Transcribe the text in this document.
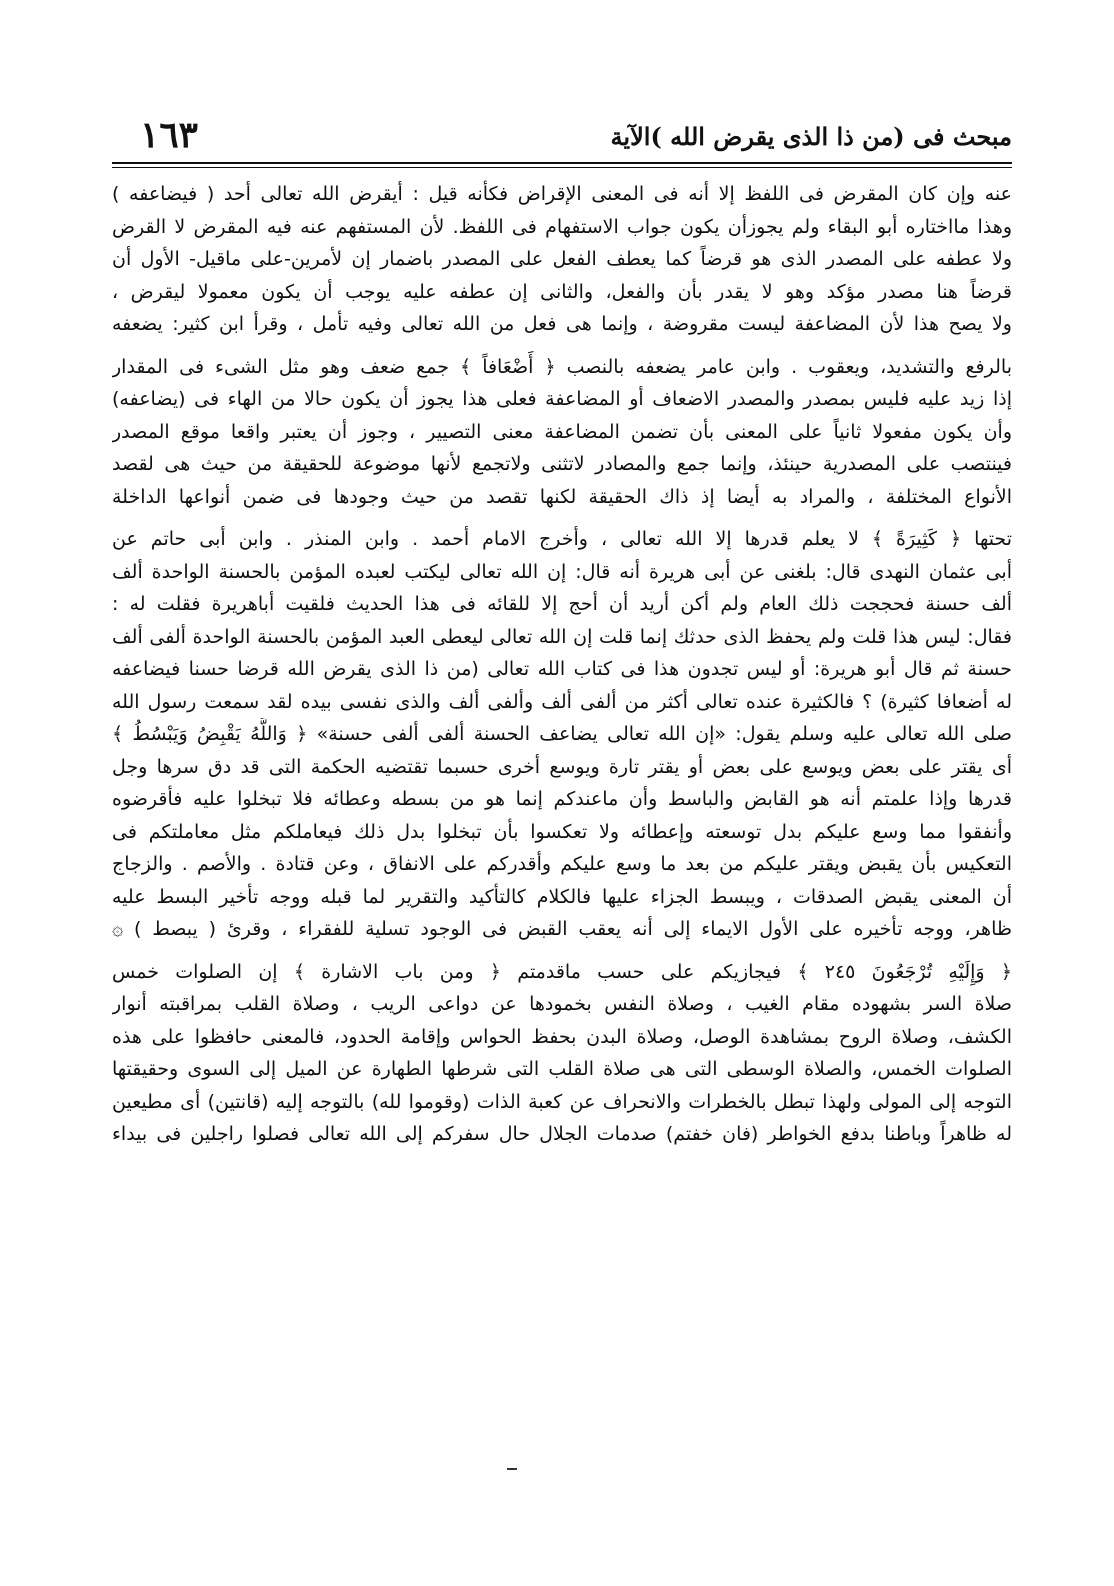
مبحث فى (من ذا الذى يقرض الله )الآية
١٦٣
عنه وإن كان المقرض فى اللفظ إلا أنه فى المعنى الإقراض فكأنه قيل : أيقرض الله تعالى أحد ( فيضاعفه )
وهذا مااختاره أبو البقاء ولم يجوزأن يكون جواب الاستفهام فى اللفظ. لأن المستفهم عنه فيه المقرض لا القرض
ولا عطفه على المصدر الذى هو قرضاً كما يعطف الفعل على المصدر باضمار إن لأمرين-على ماقيل- الأول أن
قرضاً هنا مصدر مؤكد وهو لا يقدر بأن والفعل، والثانى إن عطفه عليه يوجب أن يكون معمولا ليقرض ،
ولا يصح هذا لأن المضاعفة ليست مقروضة ، وإنما هى فعل من الله تعالى وفيه تأمل ، وقرأ ابن كثير: يضعفه
بالرفع والتشديد، ويعقوب . وابن عامر يضعفه بالنصب ﴿ أَضْعَافاً ﴾ جمع ضعف وهو مثل الشىء فى المقدار
إذا زيد عليه فليس بمصدر والمصدر الاضعاف أو المضاعفة فعلى هذا يجوز أن يكون حالا من الهاء فى (يضاعفه)
وأن يكون مفعولا ثانياً على المعنى بأن تضمن المضاعفة معنى التصيير ، وجوز أن يعتبر واقعا موقع المصدر
فينتصب على المصدرية حينئذ، وإنما جمع والمصادر لاتثنى ولاتجمع لأنها موضوعة للحقيقة من حيث هى لقصد
الأنواع المختلفة ، والمراد به أيضا إذ ذاك الحقيقة لكنها تقصد من حيث وجودها فى ضمن أنواعها الداخلة
تحتها ﴿ كَثِيرَةً ﴾ لا يعلم قدرها إلا الله تعالى ، وأخرج الامام أحمد . وابن المنذر . وابن أبى حاتم عن
أبى عثمان النهدى قال: بلغنى عن أبى هريرة أنه قال: إن الله تعالى ليكتب لعبده المؤمن بالحسنة الواحدة ألف
ألف حسنة فحججت ذلك العام ولم أكن أريد أن أحج إلا للقائه فى هذا الحديث فلقيت أباهريرة فقلت له :
فقال: ليس هذا قلت ولم يحفظ الذى حدثك إنما قلت إن الله تعالى ليعطى العبد المؤمن بالحسنة الواحدة ألفى ألف
حسنة ثم قال أبو هريرة: أو ليس تجدون هذا فى كتاب الله تعالى (من ذا الذى يقرض الله قرضا حسنا فيضاعفه
له أضعافا كثيرة) ؟ فالكثيرة عنده تعالى أكثر من ألفى ألف وألفى ألف والذى نفسى بيده لقد سمعت رسول الله
صلى الله تعالى عليه وسلم يقول: «إن الله تعالى يضاعف الحسنة ألفى ألفى حسنة» ﴿ وَاللَّهُ يَقْبِضُ وَيَبْسُطُ ﴾
أى يقتر على بعض ويوسع على بعض أو يقتر تارة ويوسع أخرى حسبما تقتضيه الحكمة التى قد دق سرها وجل
قدرها وإذا علمتم أنه هو القابض والباسط وأن ماعندكم إنما هو من بسطه وعطائه فلا تبخلوا عليه فأقرضوه
وأنفقوا مما وسع عليكم بدل توسعته وإعطائه ولا تعكسوا بأن تبخلوا بدل ذلك فيعاملكم مثل معاملتكم فى
التعكيس بأن يقبض ويقتر عليكم من بعد ما وسع عليكم وأقدركم على الانفاق ، وعن قتادة . والأصم . والزجاج
أن المعنى يقبض الصدقات ، ويبسط الجزاء عليها فالكلام كالتأكيد والتقرير لما قبله ووجه تأخير البسط عليه
ظاهر، ووجه تأخيره على الأول الايماء إلى أنه يعقب القبض فى الوجود تسلية للفقراء ، وقرئ ( يبصط ) ۞
﴿ وَإِلَيْهِ تُرْجَعُونَ ٢٤٥ ﴾ فيجازيكم على حسب ماقدمتم ﴿ ومن باب الاشارة ﴾ إن الصلوات خمس
صلاة السر بشهوده مقام الغيب ، وصلاة النفس بخمودها عن دواعى الريب ، وصلاة القلب بمراقبته أنوار
الكشف، وصلاة الروح بمشاهدة الوصل، وصلاة البدن بحفظ الحواس وإقامة الحدود، فالمعنى حافظوا على هذه
الصلوات الخمس، والصلاة الوسطى التى هى صلاة القلب التى شرطها الطهارة عن الميل إلى السوى وحقيقتها
التوجه إلى المولى ولهذا تبطل بالخطرات والانحراف عن كعبة الذات (وقوموا لله) بالتوجه إليه (قانتين) أى مطيعين
له ظاهراً وباطنا بدفع الخواطر (فان خفتم) صدمات الجلال حال سفركم إلى الله تعالى فصلوا راجلين فى بيداء
